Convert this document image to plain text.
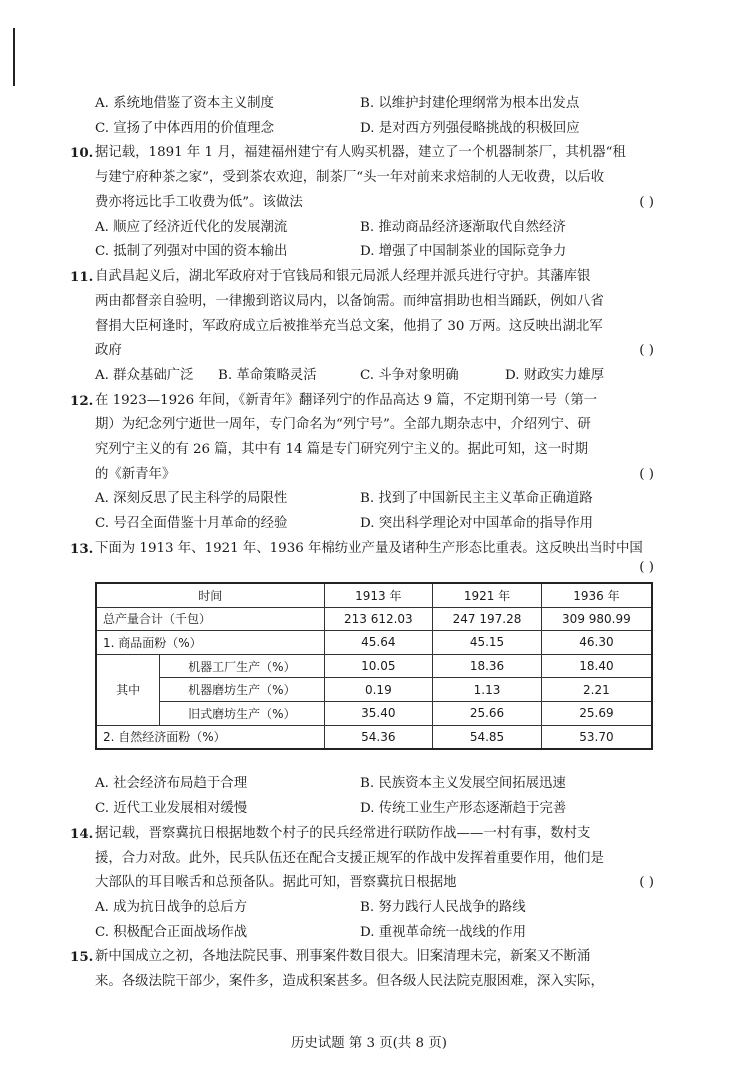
A. 系统地借鉴了资本主义制度	B. 以维护封建伦理纲常为根本出发点
C. 宣扬了中体西用的价值理念	D. 是对西方列强侵略挑战的积极回应
10. 据记载，1891 年 1 月，福建福州建宁有人购买机器，建立了一个机器制茶厂，其机器“租
与建宁府种茶之家”，受到茶农欢迎，制茶厂“头一年对前来求焙制的人无收费，以后收
费亦将远比手工收费为低”。该做法	( )
A. 顺应了经济近代化的发展潮流	B. 推动商品经济逐渐取代自然经济
C. 抵制了列强对中国的资本输出	D. 增强了中国制茶业的国际竞争力
11. 自武昌起义后，湖北军政府对于官钱局和银元局派人经理并派兵进行守护。其藩库银
两由都督亲自验明，一律搬到谘议局内，以备饷需。而绅富捐助也相当踊跃，例如八省
督捐大臣柯逢时，军政府成立后被推举充当总文案，他捐了 30 万两。这反映出湖北军
政府	( )
A. 群众基础广泛 B. 革命策略灵活	C. 斗争对象明确	D. 财政实力雄厚
12. 在 1923—1926 年间，《新青年》翻译列宁的作品高达 9 篇，不定期刊第一号（第一
期）为纪念列宁逝世一周年，专门命名为“列宁号”。全部九期杂志中，介绍列宁、研
究列宁主义的有 26 篇，其中有 14 篇是专门研究列宁主义的。据此可知，这一时期
的《新青年》	( )
A. 深刻反思了民主科学的局限性	B. 找到了中国新民主主义革命正确道路
C. 号召全面借鉴十月革命的经验	D. 突出科学理论对中国革命的指导作用
13. 下面为 1913 年、1921 年、1936 年棉纺业产量及诸种生产形态比重表。这反映出当时中国
( )
时间		1913 年	1921 年	1936 年
总产量合计（千包）		213 612.03	247 197.28	309 980.99
1. 商品面粉（%）		45.64	45.15	46.30
其中	机器工厂生产（%）	10.05	18.36	18.40
	机器磨坊生产（%）	0.19	1.13	2.21
	旧式磨坊生产（%）	35.40	25.66	25.69
2. 自然经济面粉（%）		54.36	54.85	53.70
A. 社会经济布局趋于合理	B. 民族资本主义发展空间拓展迅速
C. 近代工业发展相对缓慢	D. 传统工业生产形态逐渐趋于完善
14. 据记载，晋察冀抗日根据地数个村子的民兵经常进行联防作战——一村有事，数村支
援，合力对敌。此外，民兵队伍还在配合支援正规军的作战中发挥着重要作用，他们是
大部队的耳目喉舌和总预备队。据此可知，晋察冀抗日根据地	( )
A. 成为抗日战争的总后方	B. 努力践行人民战争的路线
C. 积极配合正面战场作战	D. 重视革命统一战线的作用
15. 新中国成立之初，各地法院民事、刑事案件数目很大。旧案清理未完，新案又不断涌
来。各级法院干部少，案件多，造成积案甚多。但各级人民法院克服困难，深入实际，
历史试题 第 3 页(共 8 页)
